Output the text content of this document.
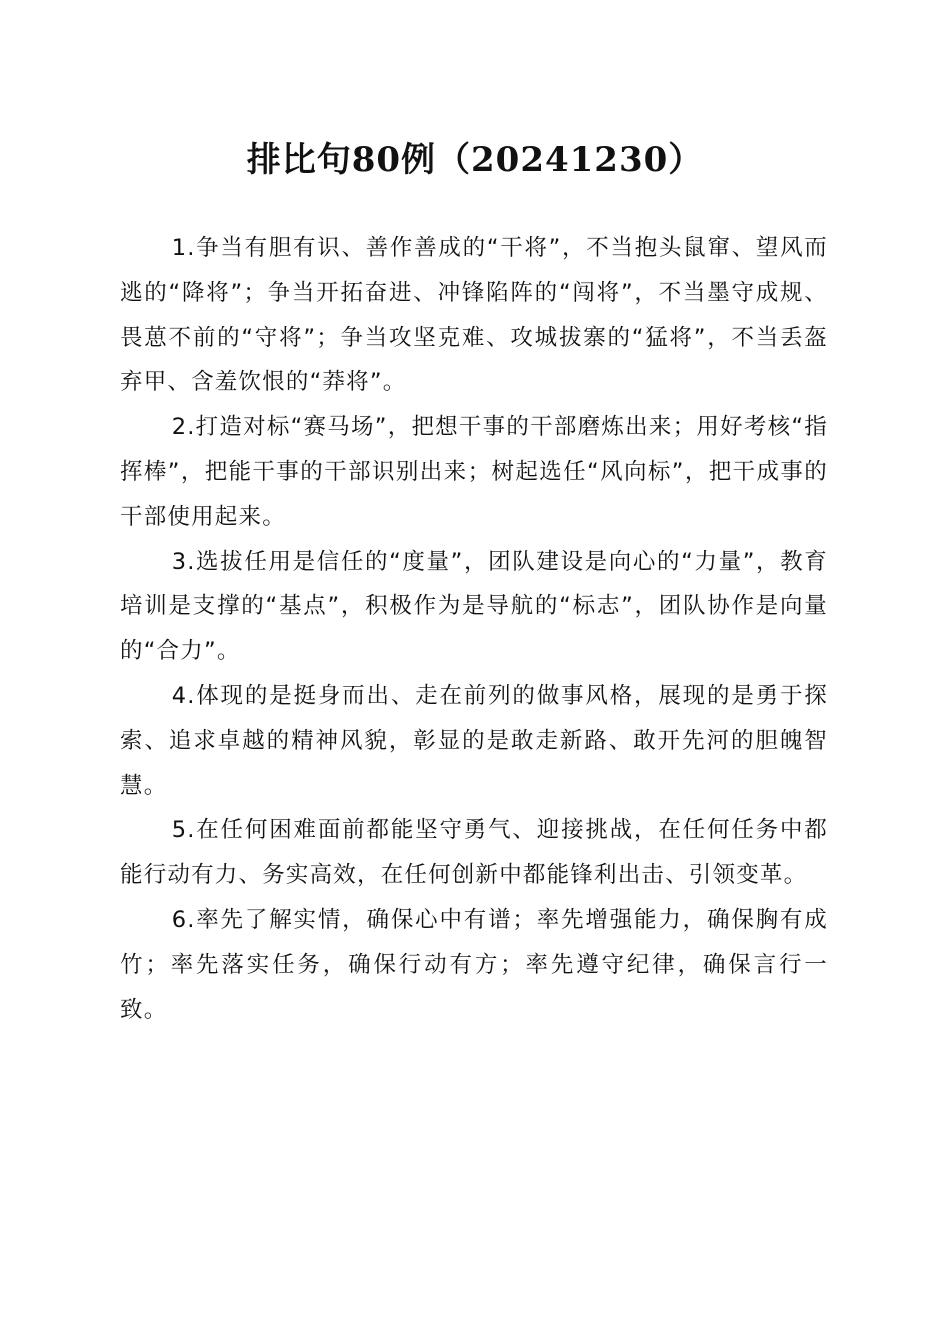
排比句80例（20241230）

1.争当有胆有识、善作善成的“干将”，不当抱头鼠窜、望风而逃的“降将”；争当开拓奋进、冲锋陷阵的“闯将”，不当墨守成规、畏葸不前的“守将”；争当攻坚克难、攻城拔寨的“猛将”，不当丢盔弃甲、含羞饮恨的“莽将”。

2.打造对标“赛马场”，把想干事的干部磨炼出来；用好考核“指挥棒”，把能干事的干部识别出来；树起选任“风向标”，把干成事的干部使用起来。

3.选拔任用是信任的“度量”，团队建设是向心的“力量”，教育培训是支撑的“基点”，积极作为是导航的“标志”，团队协作是向量的“合力”。

4.体现的是挺身而出、走在前列的做事风格，展现的是勇于探索、追求卓越的精神风貌，彰显的是敢走新路、敢开先河的胆魄智慧。

5.在任何困难面前都能坚守勇气、迎接挑战，在任何任务中都能行动有力、务实高效，在任何创新中都能锋利出击、引领变革。

6.率先了解实情，确保心中有谱；率先增强能力，确保胸有成竹；率先落实任务，确保行动有方；率先遵守纪律，确保言行一致。
